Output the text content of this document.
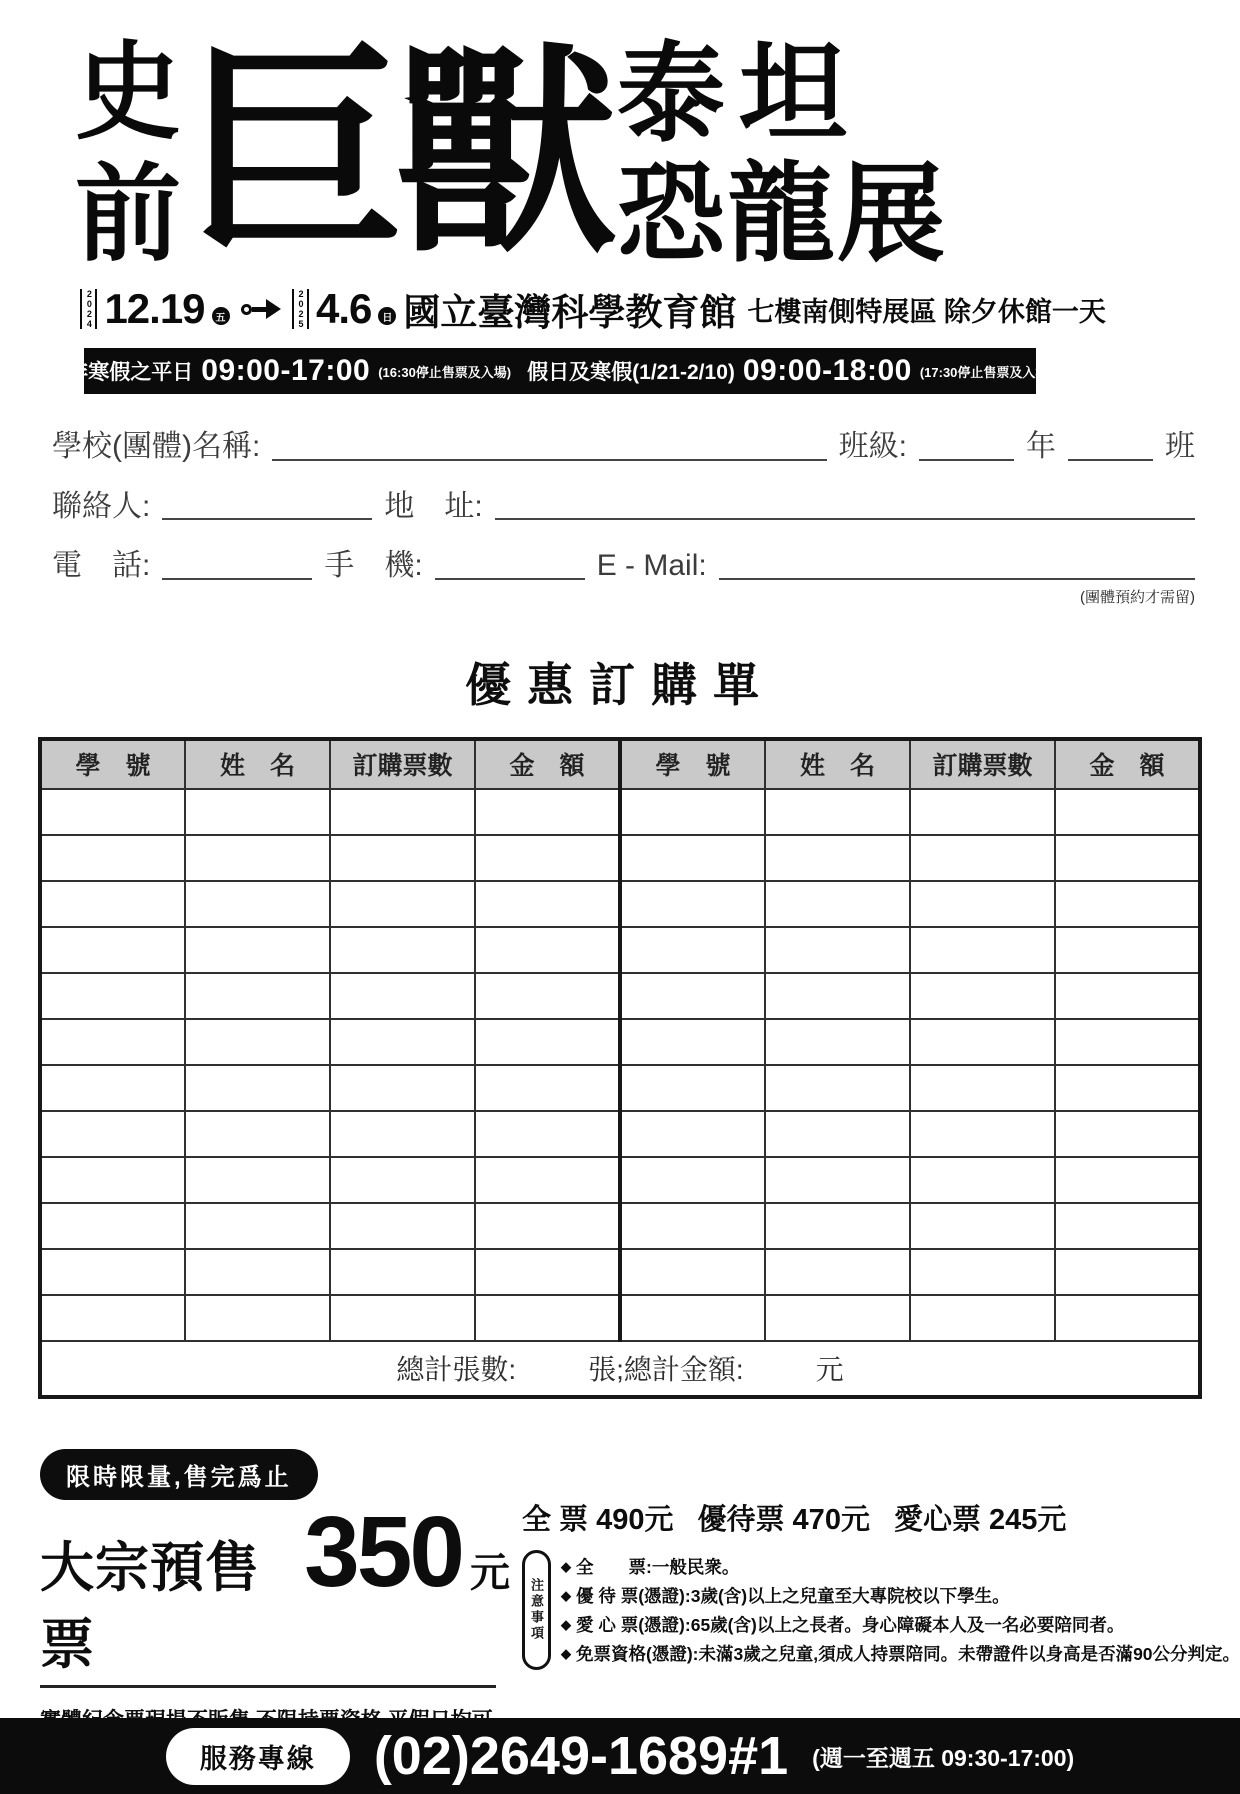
史
前 巨獸 泰坦
恐龍展
2024 12.19	五	2025 4.6	日 國立臺灣科學教育館 七樓南側特展區 除夕休館一天
非寒假之平日 09:00-17:00 (16:30停止售票及入場) 假日及寒假(1/21-2/10) 09:00-18:00 (17:30停止售票及入場)
學校(團體)名稱:	班級:	年	班
聯絡人:	地　址:
電　話:	手　機:	E - Mail:
(團體預約才需留)
優惠訂購單
學　號	姓　名	訂購票數	金　額	學　號	姓　名	訂購票數	金　額

總計張數: 張;總計金額: 元							
限時限量,售完爲止
大宗預售票
350 元
全 票 490元 優待票 470元 愛心票 245元
注意事項
◆ 全　　票:一般民衆。
◆ 優 待 票(憑證):3歲(含)以上之兒童至大專院校以下學生。
◆ 愛 心 票(憑證):65歲(含)以上之長者。身心障礙本人及一名必要陪同者。
◆ 免票資格(憑證):未滿3歲之兒童,須成人持票陪同。未帶證件以身高是否滿90公分判定。
服務專線	(02)2649-1689#1 (週一至週五 09:30-17:00)
